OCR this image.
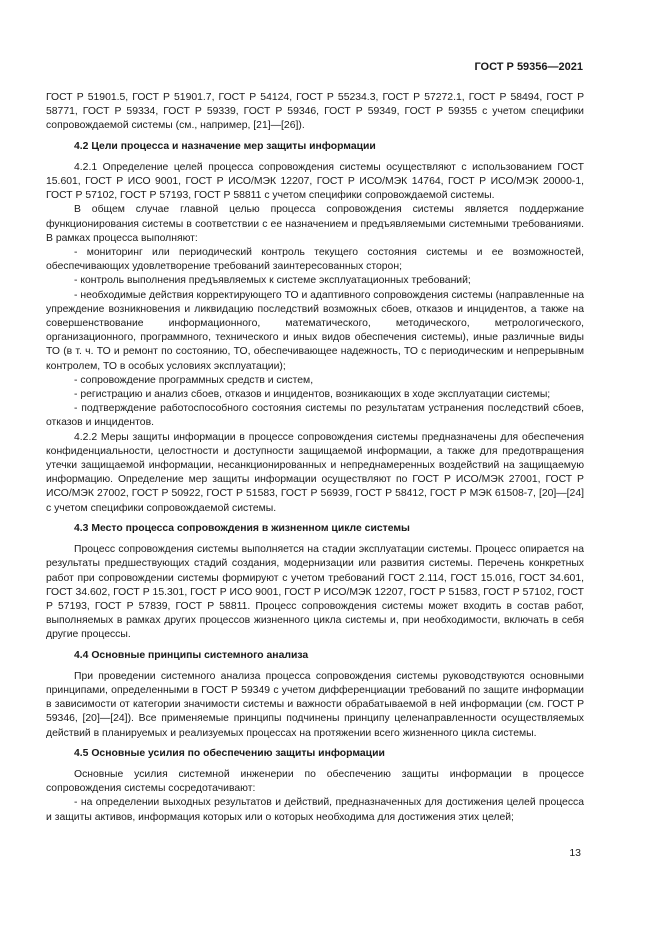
ГОСТ Р 59356—2021

ГОСТ Р 51901.5, ГОСТ Р 51901.7, ГОСТ Р 54124, ГОСТ Р 55234.3, ГОСТ Р 57272.1, ГОСТ Р 58494, ГОСТ Р 58771, ГОСТ Р 59334, ГОСТ Р 59339, ГОСТ Р 59346, ГОСТ Р 59349, ГОСТ Р 59355 с учетом специфики сопровождаемой системы (см., например, [21]—[26]).

4.2 Цели процесса и назначение мер защиты информации

4.2.1 Определение целей процесса сопровождения системы осуществляют с использованием ГОСТ 15.601, ГОСТ Р ИСО 9001, ГОСТ Р ИСО/МЭК 12207, ГОСТ Р ИСО/МЭК 14764, ГОСТ Р ИСО/МЭК 20000-1, ГОСТ Р 57102, ГОСТ Р 57193, ГОСТ Р 58811 с учетом специфики сопровождаемой системы.

В общем случае главной целью процесса сопровождения системы является поддержание функционирования системы в соответствии с ее назначением и предъявляемыми системными требованиями. В рамках процесса выполняют:

- мониторинг или периодический контроль текущего состояния системы и ее возможностей, обеспечивающих удовлетворение требований заинтересованных сторон;

- контроль выполнения предъявляемых к системе эксплуатационных требований;

- необходимые действия корректирующего ТО и адаптивного сопровождения системы (направленные на упреждение возникновения и ликвидацию последствий возможных сбоев, отказов и инцидентов, а также на совершенствование информационного, математического, методического, метрологического, организационного, программного, технического и иных видов обеспечения системы), иные различные виды ТО (в т. ч. ТО и ремонт по состоянию, ТО, обеспечивающее надежность, ТО с периодическим и непрерывным контролем, ТО в особых условиях эксплуатации);

- сопровождение программных средств и систем,

- регистрацию и анализ сбоев, отказов и инцидентов, возникающих в ходе эксплуатации системы;

- подтверждение работоспособного состояния системы по результатам устранения последствий сбоев, отказов и инцидентов.

4.2.2 Меры защиты информации в процессе сопровождения системы предназначены для обеспечения конфиденциальности, целостности и доступности защищаемой информации, а также для предотвращения утечки защищаемой информации, несанкционированных и непреднамеренных воздействий на защищаемую информацию. Определение мер защиты информации осуществляют по ГОСТ Р ИСО/МЭК 27001, ГОСТ Р ИСО/МЭК 27002, ГОСТ Р 50922, ГОСТ Р 51583, ГОСТ Р 56939, ГОСТ Р 58412, ГОСТ Р МЭК 61508-7, [20]—[24] с учетом специфики сопровождаемой системы.

4.3 Место процесса сопровождения в жизненном цикле системы

Процесс сопровождения системы выполняется на стадии эксплуатации системы. Процесс опирается на результаты предшествующих стадий создания, модернизации или развития системы. Перечень конкретных работ при сопровождении системы формируют с учетом требований ГОСТ 2.114, ГОСТ 15.016, ГОСТ 34.601, ГОСТ 34.602, ГОСТ Р 15.301, ГОСТ Р ИСО 9001, ГОСТ Р ИСО/МЭК 12207, ГОСТ Р 51583, ГОСТ Р 57102, ГОСТ Р 57193, ГОСТ Р 57839, ГОСТ Р 58811. Процесс сопровождения системы может входить в состав работ, выполняемых в рамках других процессов жизненного цикла системы и, при необходимости, включать в себя другие процессы.

4.4 Основные принципы системного анализа

При проведении системного анализа процесса сопровождения системы руководствуются основными принципами, определенными в ГОСТ Р 59349 с учетом дифференциации требований по защите информации в зависимости от категории значимости системы и важности обрабатываемой в ней информации (см. ГОСТ Р 59346, [20]—[24]). Все применяемые принципы подчинены принципу целенаправленности осуществляемых действий в планируемых и реализуемых процессах на протяжении всего жизненного цикла системы.

4.5 Основные усилия по обеспечению защиты информации

Основные усилия системной инженерии по обеспечению защиты информации в процессе сопровождения системы сосредотачивают:

- на определении выходных результатов и действий, предназначенных для достижения целей процесса и защиты активов, информация которых или о которых необходима для достижения этих целей;

13
